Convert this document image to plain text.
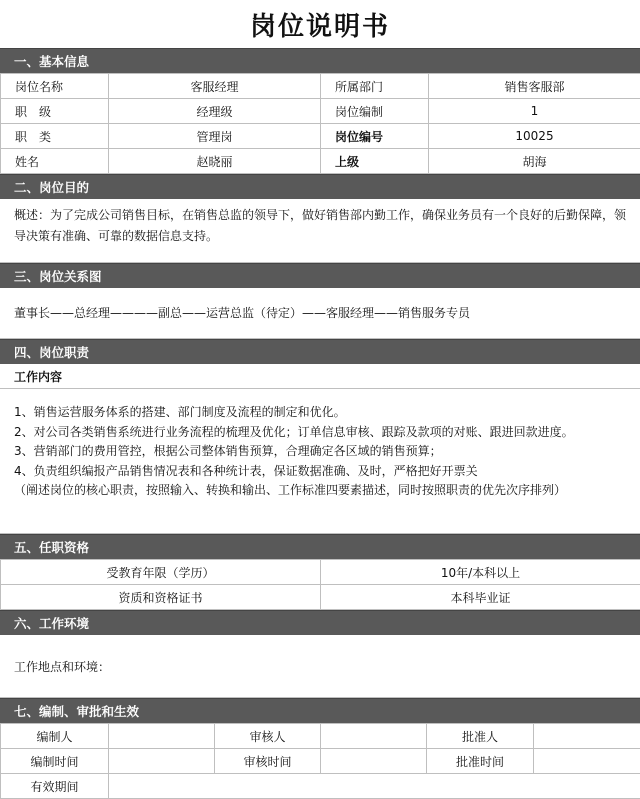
岗位说明书
一、基本信息
岗位名称	客服经理	所属部门	销售客服部
职　级	经理级	岗位编制	1
职　类	管理岗	岗位编号	10025
姓名	赵晓丽	上级	胡海
二、岗位目的
概述：为了完成公司销售目标，在销售总监的领导下，做好销售部内勤工作，确保业务员有一个良好的后勤保障，领导决策有准确、可靠的数据信息支持。
三、岗位关系图
董事长——总经理————副总——运营总监（待定）——客服经理——销售服务专员
四、岗位职责
工作内容
1、销售运营服务体系的搭建、部门制度及流程的制定和优化。
2、对公司各类销售系统进行业务流程的梳理及优化；订单信息审核、跟踪及款项的对账、跟进回款进度。
3、营销部门的费用管控，根据公司整体销售预算，合理确定各区域的销售预算；
4、负责组织编报产品销售情况表和各种统计表，保证数据准确、及时，严格把好开票关
（阐述岗位的核心职责，按照输入、转换和输出、工作标准四要素描述，同时按照职责的优先次序排列）
五、任职资格
受教育年限（学历）	10年/本科以上
资质和资格证书	本科毕业证
六、工作环境
工作地点和环境：
七、编制、审批和生效
编制人		审核人		批准人	
编制时间		审核时间		批准时间	
有效期间					
